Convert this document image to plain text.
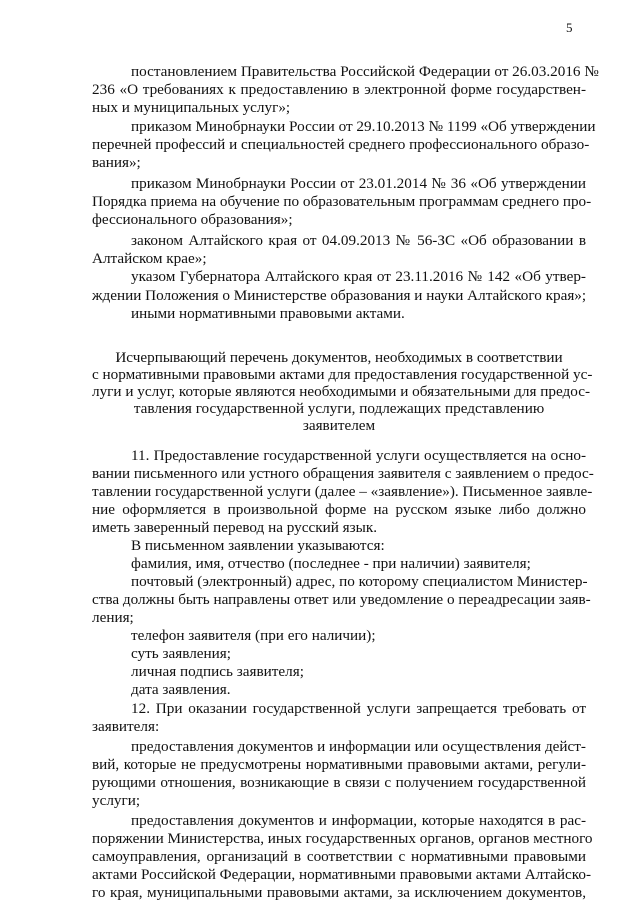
5
постановлением Правительства Российской Федерации от 26.03.2016 №
236 «О требованиях к предоставлению в электронной форме государствен-
ных и муниципальных услуг»;
приказом Минобрнауки России от 29.10.2013 № 1199 «Об утверждении
перечней профессий и специальностей среднего профессионального образо-
вания»;
приказом Минобрнауки России от 23.01.2014 № 36 «Об утверждении
Порядка приема на обучение по образовательным программам среднего про-
фессионального образования»;
законом Алтайского края от 04.09.2013 № 56-ЗС «Об образовании в
Алтайском крае»;
указом Губернатора Алтайского края от 23.11.2016 № 142 «Об утвер-
ждении Положения о Министерстве образования и науки Алтайского края»;
иными нормативными правовыми актами.
Исчерпывающий перечень документов, необходимых в соответствии
с нормативными правовыми актами для предоставления государственной ус-
луги и услуг, которые являются необходимыми и обязательными для предос-
тавления государственной услуги, подлежащих представлению
заявителем
11. Предоставление государственной услуги осуществляется на осно-
вании письменного или устного обращения заявителя с заявлением о предос-
тавлении государственной услуги (далее – «заявление»). Письменное заявле-
ние оформляется в произвольной форме на русском языке либо должно
иметь заверенный перевод на русский язык.
В письменном заявлении указываются:
фамилия, имя, отчество (последнее - при наличии) заявителя;
почтовый (электронный) адрес, по которому специалистом Министер-
ства должны быть направлены ответ или уведомление о переадресации заяв-
ления;
телефон заявителя (при его наличии);
суть заявления;
личная подпись заявителя;
дата заявления.
12. При оказании государственной услуги запрещается требовать от
заявителя:
предоставления документов и информации или осуществления дейст-
вий, которые не предусмотрены нормативными правовыми актами, регули-
рующими отношения, возникающие в связи с получением государственной
услуги;
предоставления документов и информации, которые находятся в рас-
поряжении Министерства, иных государственных органов, органов местного
самоуправления, организаций в соответствии с нормативными правовыми
актами Российской Федерации, нормативными правовыми актами Алтайско-
го края, муниципальными правовыми актами, за исключением документов,
